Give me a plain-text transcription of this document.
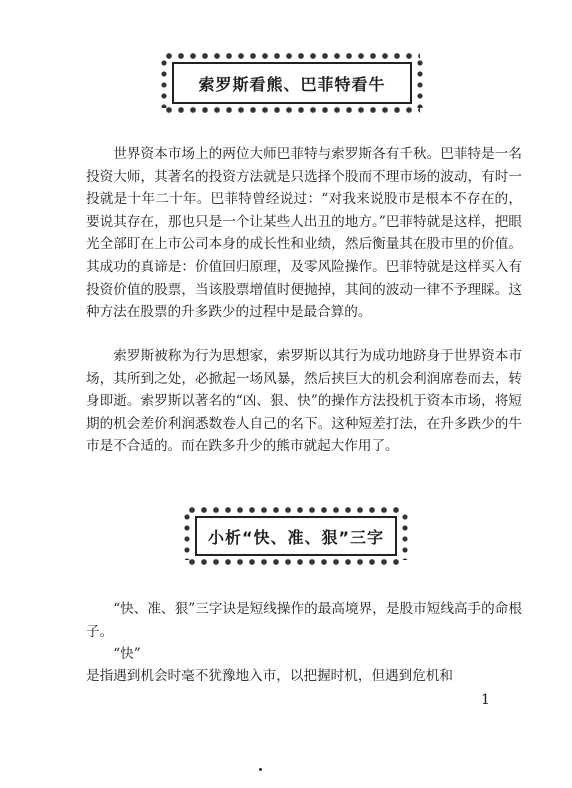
索罗斯看熊、巴菲特看牛

世界资本市场上的两位大师巴菲特与索罗斯各有千秋。巴菲特是一名投资大师，其著名的投资方法就是只选择个股而不理市场的波动，有时一投就是十年二十年。巴菲特曾经说过：“对我来说股市是根本不存在的，要说其存在，那也只是一个让某些人出丑的地方。”巴菲特就是这样，把眼光全部盯在上市公司本身的成长性和业绩，然后衡量其在股市里的价值。其成功的真谛是：价值回归原理，及零风险操作。巴菲特就是这样买入有投资价值的股票，当该股票增值时便抛掉，其间的波动一律不予理睬。这种方法在股票的升多跌少的过程中是最合算的。

索罗斯被称为行为思想家，索罗斯以其行为成功地跻身于世界资本市场，其所到之处，必掀起一场风暴，然后挟巨大的机会利润席卷而去，转身即逝。索罗斯以著名的“凶、狠、快”的操作方法投机于资本市场，将短期的机会差价利润悉数卷人自己的名下。这种短差打法，在升多跌少的牛市是不合适的。而在跌多升少的熊市就起大作用了。

小析“快、准、狠”三字

“快、准、狠”三字诀是短线操作的最高境界，是股市短线高手的命根子。

“快”

是指遇到机会时毫不犹豫地入市，以把握时机，但遇到危机和

1
